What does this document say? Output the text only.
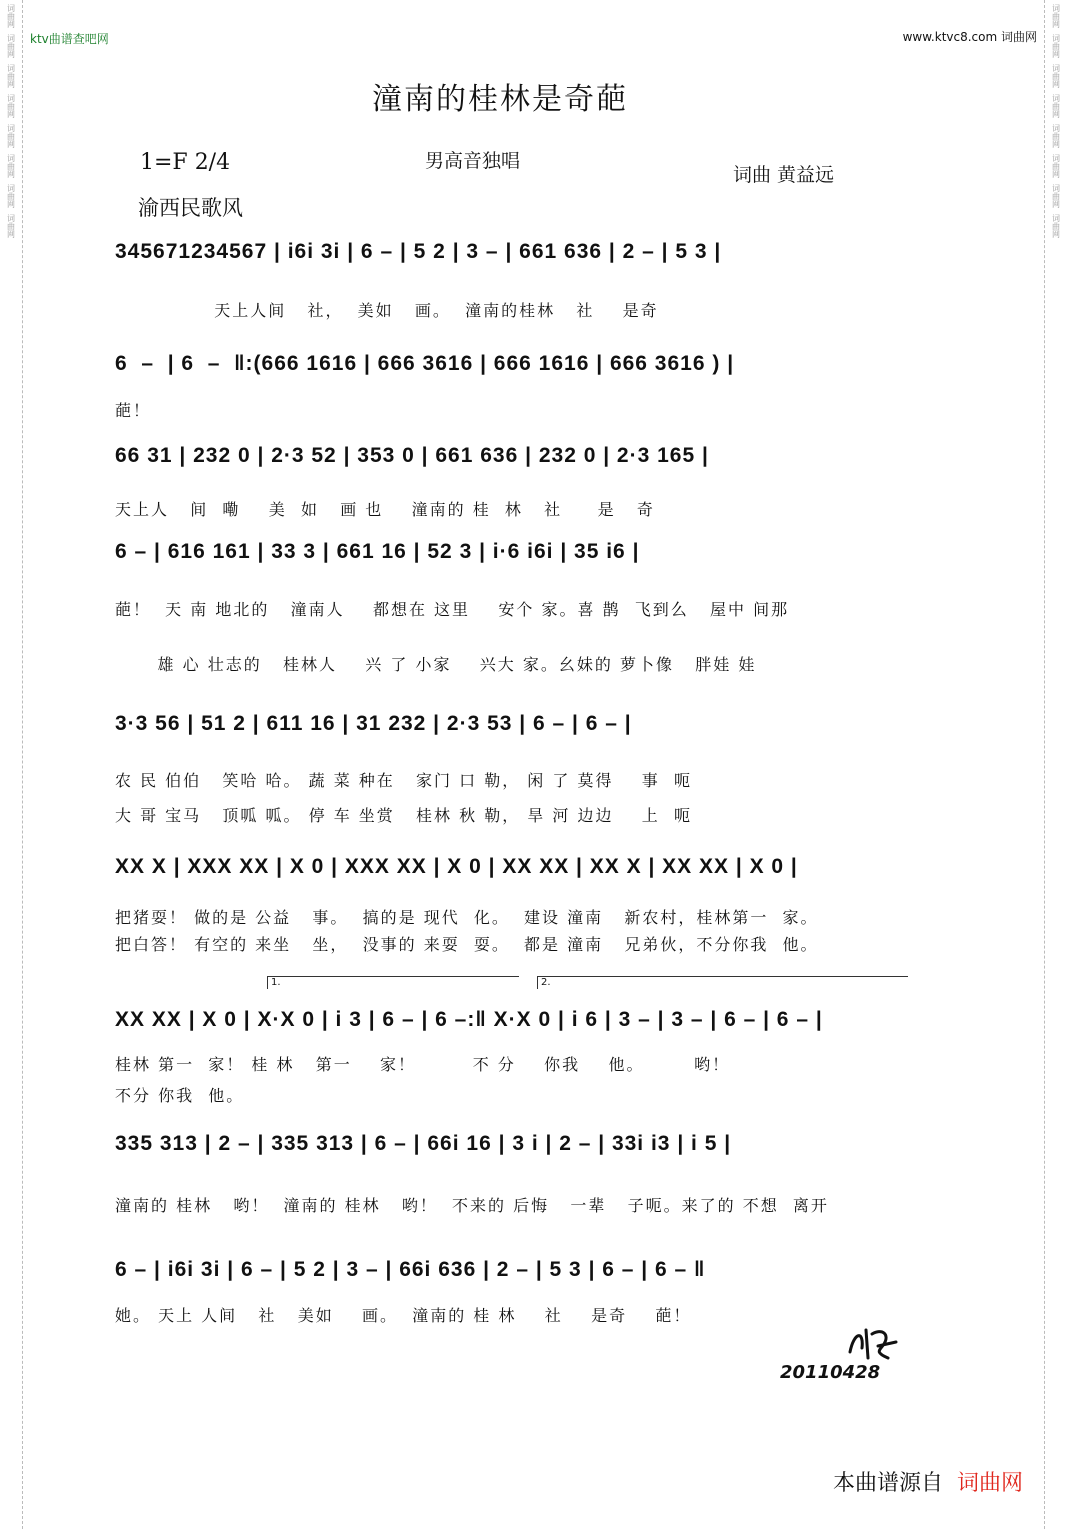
词曲网
词曲网
词曲网
词曲网
词曲网
词曲网
词曲网
词曲网
词曲网
词曲网
词曲网
词曲网
词曲网
词曲网
词曲网
词曲网
ktv曲谱查吧网	www.ktvc8.com 词曲网
潼南的桂林是奇葩
1=F 2/4	男高音独唱
词曲 黄益远
渝西民歌风
345671234567 | i6i 3i | 6 – | 5 2 | 3 – | 661 636 | 2 – | 5 3 |
天上人间   社，  美如   画。  潼南的桂林   社    是奇
6  –  | 6  –  ‖:(666 1616 | 666 3616 | 666 1616 | 666 3616 ) |
葩！
66 31 | 232 0 | 2·3 52 | 353 0 | 661 636 | 232 0 | 2·3 165 |
天上人   间  嘞    美  如   画 也    潼南的 桂  林   社     是   奇
6 – | 616 161 | 33 3 | 661 16 | 52 3 | i·6 i6i | 35 i6 |
葩！  天 南 地北的   潼南人    都想在 这里    安个 家。喜 鹊  飞到么   屋中 间那
雄 心 壮志的   桂林人    兴 了 小家    兴大 家。幺妹的 萝卜像   胖娃 娃
3·3 56 | 51 2 | 611 16 | 31 232 | 2·3 53 | 6 – | 6 – |
农 民 伯伯   笑哈 哈。 蔬 菜 种在   家门 口 勒， 闲 了 莫得    事  呃
大 哥 宝马   顶呱 呱。 停 车 坐赏   桂林 秋 勒， 旱 河 边边    上  呃
XX X | XXX XX | X 0 | XXX XX | X 0 | XX XX | XX X | XX XX | X 0 |
把猪耍！ 做的是 公益   事。  搞的是 现代  化。  建设 潼南   新农村，桂林第一  家。
把白答！ 有空的 来坐   坐，  没事的 来耍  耍。  都是 潼南   兄弟伙，不分你我  他。
1.	2.
XX XX | X 0 | X·X 0 | i 3 | 6 – | 6 –:‖ X·X 0 | i 6 | 3 – | 3 – | 6 – | 6 – |
桂林 第一  家！ 桂 林   第一    家！        不 分    你我    他。       哟！
不分 你我  他。
335 313 | 2 – | 335 313 | 6 – | 66i 16 | 3 i | 2 – | 33i i3 | i 5 |
潼南的 桂林   哟！  潼南的 桂林   哟！  不来的 后悔   一辈   子呃。来了的 不想  离开
6 – | i6i 3i | 6 – | 5 2 | 3 – | 66i 636 | 2 – | 5 3 | 6 – | 6 – ‖
她。 天上 人间   社   美如    画。  潼南的 桂 林    社    是奇    葩！
20110428
本曲谱源自 词曲网
